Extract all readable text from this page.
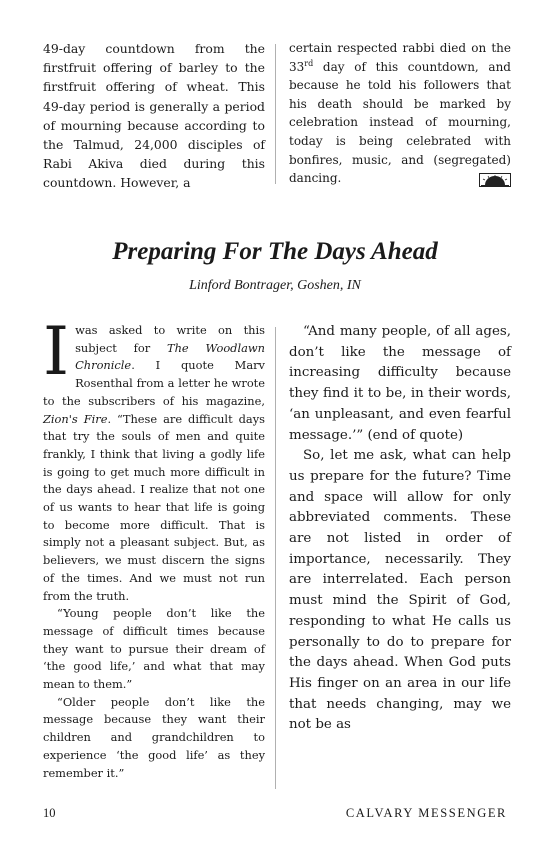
49-day countdown from the firstfruit offering of barley to the firstfruit offering of wheat. This 49-day period is generally a period of mourning because according to the Talmud, 24,000 disciples of Rabi Akiva died during this countdown. However, a

certain respected rabbi died on the 33rd day of this countdown, and because he told his followers that his death should be marked by celebration instead of mourning, today is being celebrated with bonfires, music, and (segregated) dancing.

Preparing For The Days Ahead

Linford Bontrager, Goshen, IN

Iwas asked to write on this subject for The Woodlawn Chronicle. I quote Marv Rosenthal from a letter he wrote to the subscribers of his magazine, Zion's Fire. “These are difficult days that try the souls of men and quite frankly, I think that living a godly life is going to get much more difficult in the days ahead. I realize that not one of us wants to hear that life is going to become more difficult. That is simply not a pleasant subject. But, as believers, we must discern the signs of the times. And we must not run from the truth.

“Young people don’t like the message of difficult times because they want to pursue their dream of ‘the good life,’ and what that may mean to them.”

“Older people don’t like the message because they want their children and grandchildren to experience ‘the good life’ as they remember it.”

“And many people, of all ages, don’t like the message of increasing difficulty because they find it to be, in their words, ‘an unpleasant, and even fearful message.’” (end of quote)

So, let me ask, what can help us prepare for the future? Time and space will allow for only abbreviated comments. These are not listed in order of importance, necessarily. They are interrelated. Each person must mind the Spirit of God, responding to what He calls us personally to do to prepare for the days ahead. When God puts His finger on an area in our life that needs changing, may we not be as

10	CALVARY MESSENGER
